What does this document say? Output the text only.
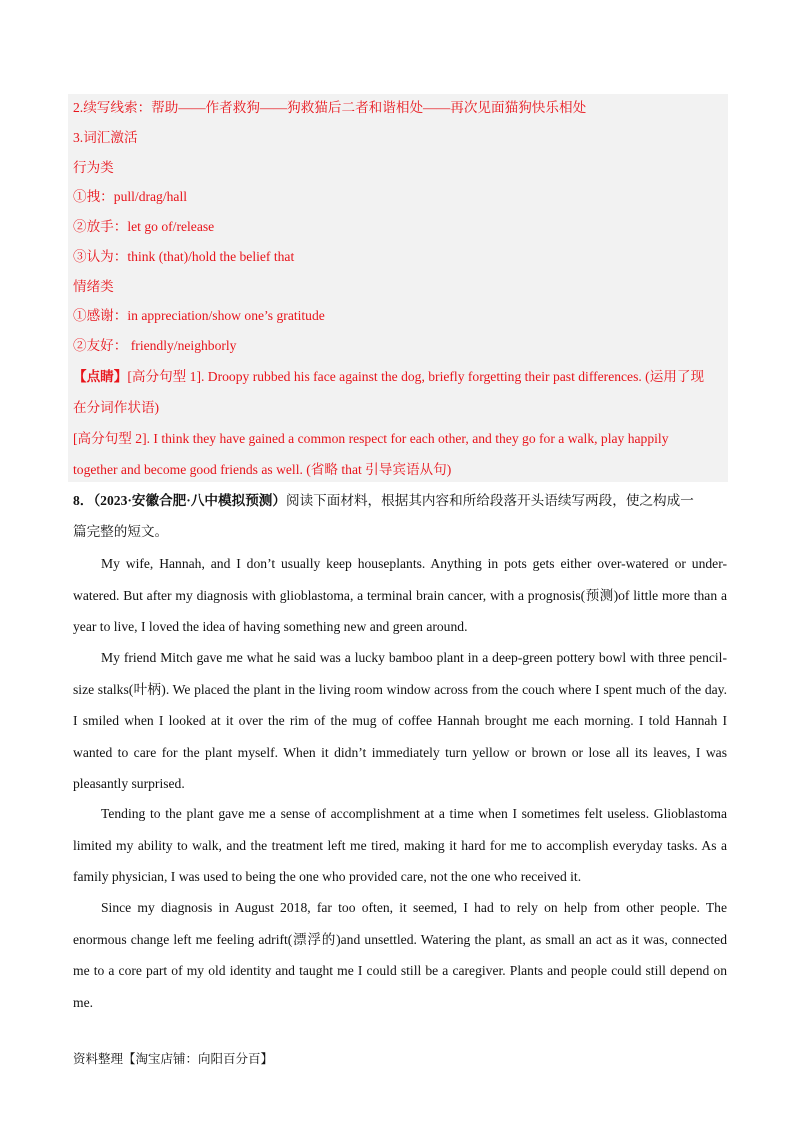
2.续写线索：帮助——作者救狗——狗救猫后二者和谐相处——再次见面猫狗快乐相处
3.词汇激活
行为类
①拽：pull/drag/hall
②放手：let go of/release
③认为：think (that)/hold the belief that
情绪类
①感谢：in appreciation/show one’s gratitude
②友好： friendly/neighborly
【点睛】[高分句型 1]. Droopy rubbed his face against the dog, briefly forgetting their past differences. (运用了现
在分词作状语)
[高分句型 2]. I think they have gained a common respect for each other, and they go for a walk, play happily
together and become good friends as well. (省略 that 引导宾语从句)
8．（2023·安徽合肥·八中模拟预测）阅读下面材料，根据其内容和所给段落开头语续写两段，使之构成一
篇完整的短文。

My wife, Hannah, and I don’t usually keep houseplants. Anything in pots gets either over-watered or under-watered. But after my diagnosis with glioblastoma, a terminal brain cancer, with a prognosis(预测)of little more than a year to live, I loved the idea of having something new and green around.

My friend Mitch gave me what he said was a lucky bamboo plant in a deep-green pottery bowl with three pencil-size stalks(叶柄). We placed the plant in the living room window across from the couch where I spent much of the day. I smiled when I looked at it over the rim of the mug of coffee Hannah brought me each morning. I told Hannah I wanted to care for the plant myself. When it didn’t immediately turn yellow or brown or lose all its leaves, I was pleasantly surprised.

Tending to the plant gave me a sense of accomplishment at a time when I sometimes felt useless. Glioblastoma limited my ability to walk, and the treatment left me tired, making it hard for me to accomplish everyday tasks. As a family physician, I was used to being the one who provided care, not the one who received it.

Since my diagnosis in August 2018, far too often, it seemed, I had to rely on help from other people. The enormous change left me feeling adrift(漂浮的)and unsettled. Watering the plant, as small an act as it was, connected me to a core part of my old identity and taught me I could still be a caregiver. Plants and people could still depend on me.

资料整理【淘宝店铺：向阳百分百】
